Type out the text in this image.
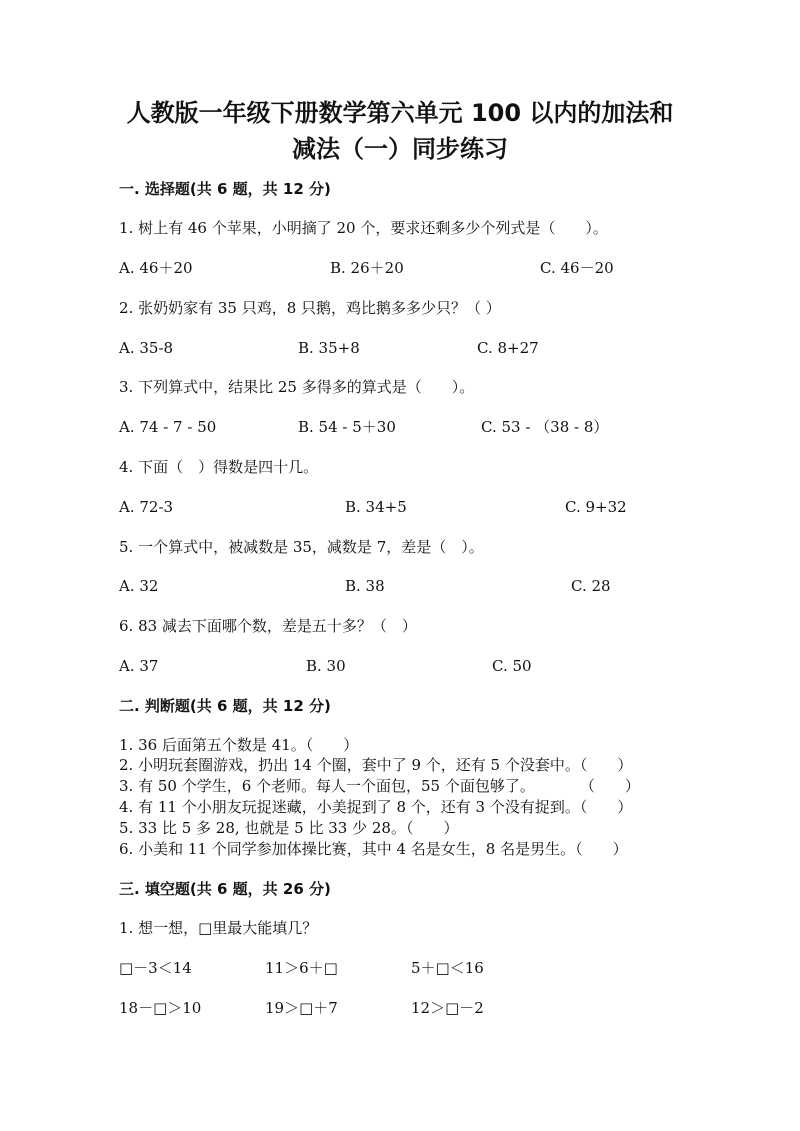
人教版一年级下册数学第六单元 100 以内的加法和
减法（一）同步练习
一. 选择题(共 6 题，共 12 分)
1. 树上有 46 个苹果，小明摘了 20 个，要求还剩多少个列式是（　　）。
A. 46＋20	B. 26＋20	C. 46－20
2. 张奶奶家有 35 只鸡，8 只鹅，鸡比鹅多多少只？（ ）
A. 35-8	B. 35+8	C. 8+27
3. 下列算式中，结果比 25 多得多的算式是（　　）。
A. 74 - 7 - 50	B. 54 - 5＋30	C. 53 - （38 - 8）
4. 下面（　）得数是四十几。
A. 72-3	B. 34+5	C. 9+32
5. 一个算式中，被减数是 35，减数是 7，差是（　）。
A. 32	B. 38	C. 28
6. 83 减去下面哪个数，差是五十多？（　）
A. 37	B. 30	C. 50
二. 判断题(共 6 题，共 12 分)
1. 36 后面第五个数是 41。（　　）
2. 小明玩套圈游戏，扔出 14 个圈，套中了 9 个，还有 5 个没套中。（　　）
3. 有 50 个学生，6 个老师。每人一个面包，55 个面包够了。　　　　（　　）
4. 有 11 个小朋友玩捉迷藏，小美捉到了 8 个，还有 3 个没有捉到。（　　）
5. 33 比 5 多 28, 也就是 5 比 33 少 28。（　　）
6. 小美和 11 个同学参加体操比赛，其中 4 名是女生，8 名是男生。（　　）
三. 填空题(共 6 题，共 26 分)
1. 想一想，□里最大能填几？
□－3＜14	11＞6＋□	5＋□＜16
18－□＞10	19＞□＋7	12＞□－2
